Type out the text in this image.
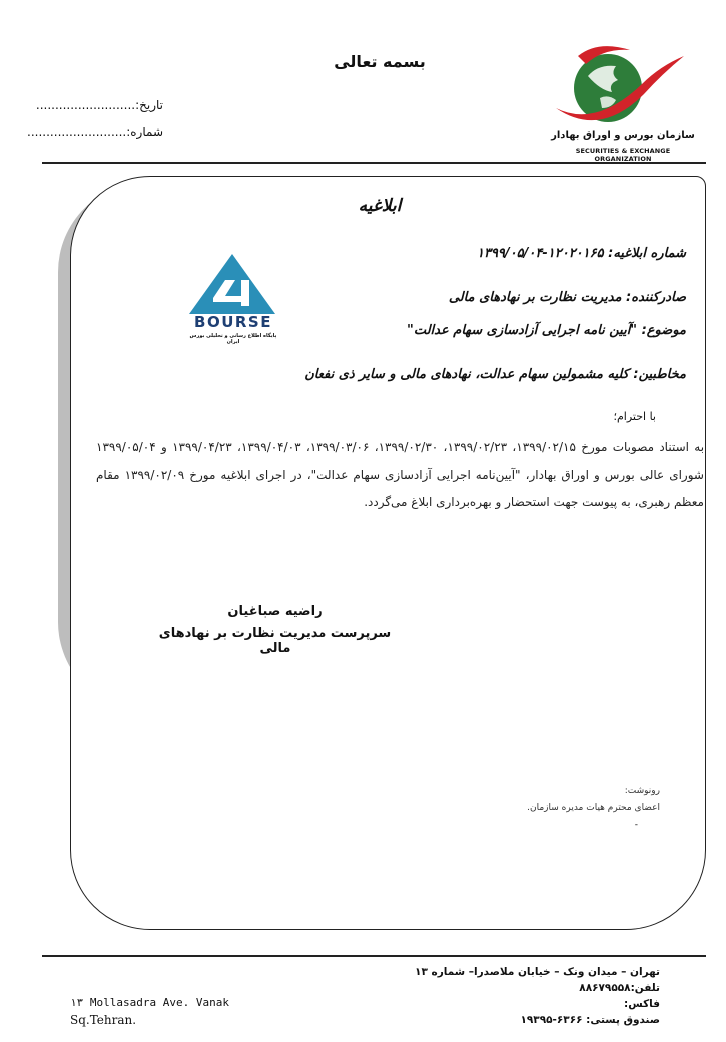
بسمه تعالی
تاریخ:..........................
شماره:..........................	سازمان بورس و اوراق بهادار
SECURITIES & EXCHANGE ORGANIZATION
ابلاغیه
شماره ابلاغیه: ۱۲۰۲۰۱۶۵-۱۳۹۹/۰۵/۰۴
صادرکننده: مدیریت نظارت بر نهادهای مالی
موضوع: "آیین نامه اجرایی آزادسازی سهام عدالت"
مخاطبین: کلیه مشمولین سهام عدالت، نهادهای مالی و سایر ذی نفعان
BOURSE
پایگاه اطلاع رسانی و تحلیلی بورس ایران
با احترام؛
به استناد مصوبات مورخ ۱۳۹۹/۰۲/۱۵، ۱۳۹۹/۰۲/۲۳، ۱۳۹۹/۰۲/۳۰، ۱۳۹۹/۰۳/۰۶، ۱۳۹۹/۰۴/۰۳، ۱۳۹۹/۰۴/۲۳ و ۱۳۹۹/۰۵/۰۴ شورای عالی بورس و اوراق بهادار، "آیین‌نامه اجرایی آزادسازی سهام عدالت"، در اجرای ابلاغیه مورخ ۱۳۹۹/۰۲/۰۹ مقام معظم رهبری، به پیوست جهت استحضار و بهره‌برداری ابلاغ می‌گردد.
راضیه صباغیان
سرپرست مدیریت نظارت بر نهادهای مالی
رونوشت:
اعضای محترم هیات مدیره سازمان.
-
تهران – میدان ونک – خیابان ملاصدرا– شماره ۱۳
تلفن:۸۸۶۷۹۵۵۸
فاکس:
صندوق پستی: ۶۳۶۶-۱۹۳۹۵
۱۳ Mollasadra Ave. Vanak
Sq.Tehran.
